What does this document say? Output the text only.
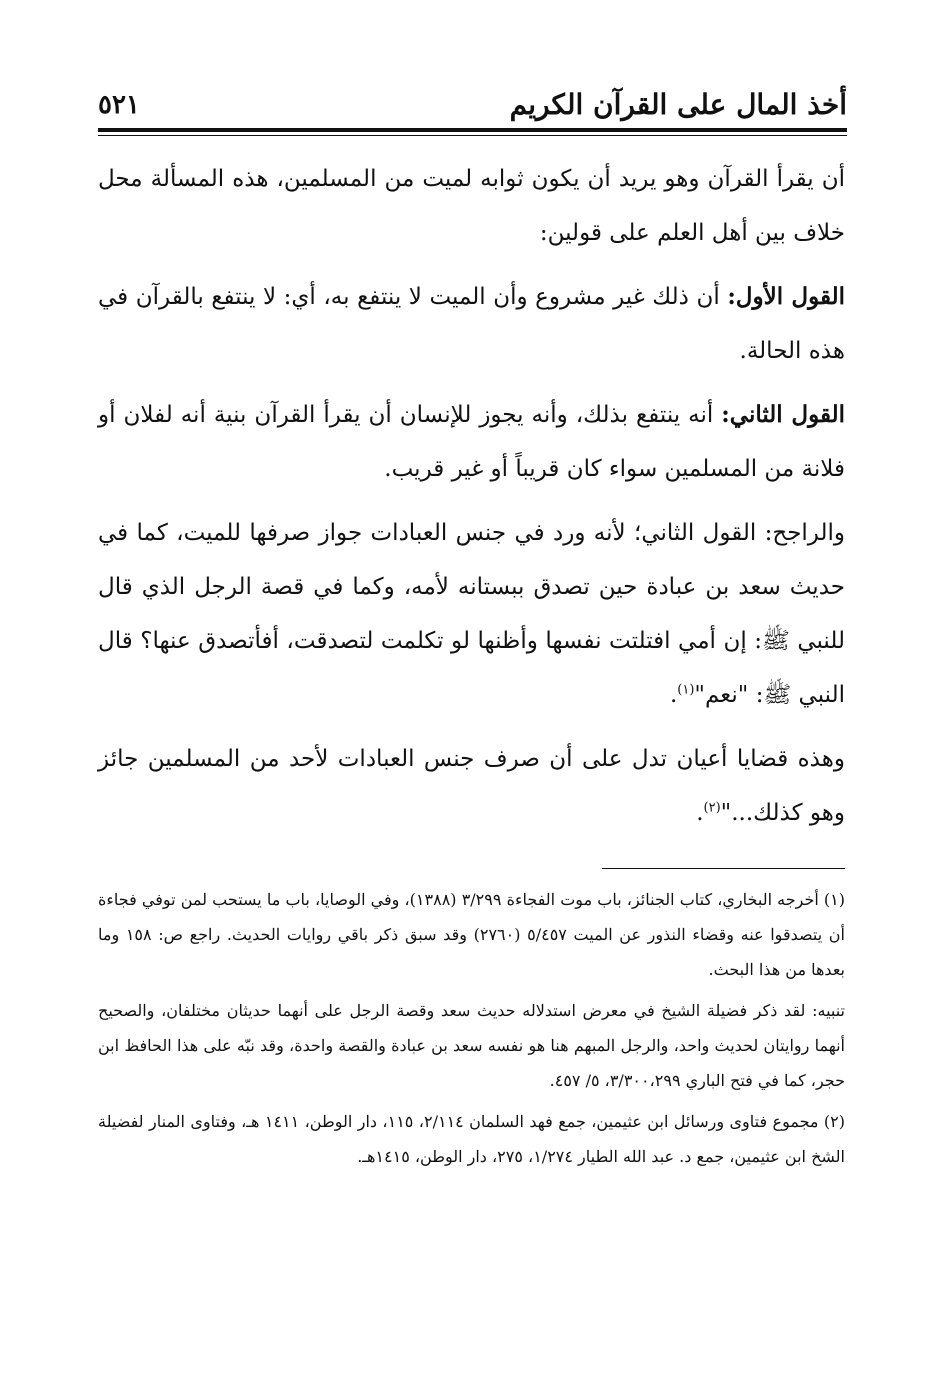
أخذ المال على القرآن الكريم
٥٢١

أن يقرأ القرآن وهو يريد أن يكون ثوابه لميت من المسلمين، هذه المسألة محل خلاف بين أهل العلم على قولين:

القول الأول: أن ذلك غير مشروع وأن الميت لا ينتفع به، أي: لا ينتفع بالقرآن في هذه الحالة.

القول الثاني: أنه ينتفع بذلك، وأنه يجوز للإنسان أن يقرأ القرآن بنية أنه لفلان أو فلانة من المسلمين سواء كان قريباً أو غير قريب.

والراجح: القول الثاني؛ لأنه ورد في جنس العبادات جواز صرفها للميت، كما في حديث سعد بن عبادة حين تصدق ببستانه لأمه، وكما في قصة الرجل الذي قال للنبي ﷺ: إن أمي افتلتت نفسها وأظنها لو تكلمت لتصدقت، أفأتصدق عنها؟ قال النبي ﷺ: "نعم"$^{(١)}$.

وهذه قضايا أعيان تدل على أن صرف جنس العبادات لأحد من المسلمين جائز وهو كذلك..."$^{(٢)}$.

(١) أخرجه البخاري، كتاب الجنائز، باب موت الفجاءة ٣/٢٩٩ (١٣٨٨)، وفي الوصايا، باب ما يستحب لمن توفي فجاءة أن يتصدقوا عنه وقضاء النذور عن الميت ٥/٤٥٧ (٢٧٦٠) وقد سبق ذكر باقي روايات الحديث. راجع ص: ١٥٨ وما بعدها من هذا البحث.

تنبيه: لقد ذكر فضيلة الشيخ في معرض استدلاله حديث سعد وقصة الرجل على أنهما حديثان مختلفان، والصحيح أنهما روايتان لحديث واحد، والرجل المبهم هنا هو نفسه سعد بن عبادة والقصة واحدة، وقد نبّه على هذا الحافظ ابن حجر، كما في فتح الباري ٣/٣٠٠،٢٩٩، ٥/ ٤٥٧.

(٢) مجموع فتاوى ورسائل ابن عثيمين، جمع فهد السلمان ٢/١١٤، ١١٥، دار الوطن، ١٤١١ هـ، وفتاوى المنار لفضيلة الشخ ابن عثيمين، جمع د. عبد الله الطيار ١/٢٧٤، ٢٧٥، دار الوطن، ١٤١٥هـ.
